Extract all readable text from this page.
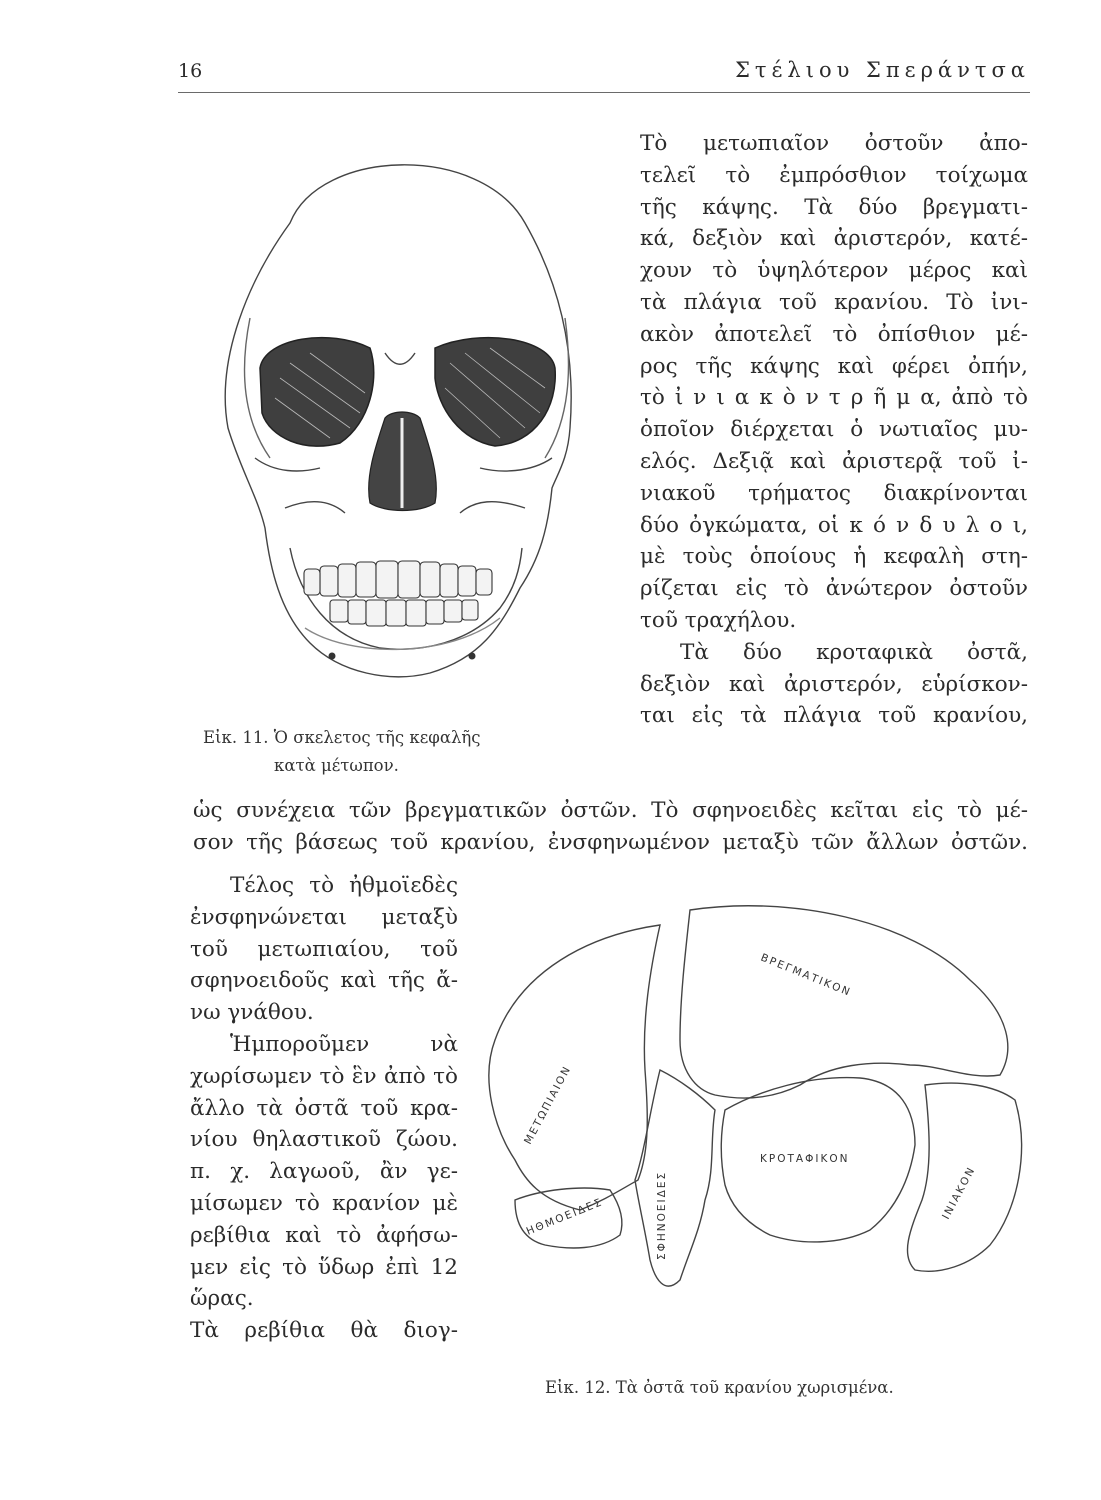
16	Στέλιου Σπεράντσα
Τὸ μετωπιαῖον ὀστοῦν ἀπο-
τελεῖ τὸ ἐμπρόσθιον τοίχωμα
τῆς κάψης. Τὰ δύο βρεγματι-
κά, δεξιὸν καὶ ἀριστερόν, κατέ-
χουν τὸ ὑψηλότερον μέρος καὶ
τὰ πλάγια τοῦ κρανίου. Τὸ ἰνι-
ακὸν ἀποτελεῖ τὸ ὀπίσθιον μέ-
ρος τῆς κάψης καὶ φέρει ὀπήν,
τὸ ἰ ν ι α κ ὸ ν τ ρ ῆ μ α, ἀπὸ τὸ
ὁποῖον διέρχεται ὁ νωτιαῖος μυ-
ελός. Δεξιᾷ καὶ ἀριστερᾷ τοῦ ἰ-
νιακοῦ τρήματος διακρίνονται
δύο ὀγκώματα, οἱ κ ό ν δ υ λ ο ι,
μὲ τοὺς ὁποίους ἡ κεφαλὴ στη-
ρίζεται εἰς τὸ ἀνώτερον ὀστοῦν
τοῦ τραχήλου.
Τὰ δύο κροταφικὰ ὀστᾶ,
δεξιὸν καὶ ἀριστερόν, εὑρίσκον-
ται εἰς τὰ πλάγια τοῦ κρανίου,
Εἰκ. 11. Ὁ σκελετος τῆς κεφαλῆς
κατὰ μέτωπον.
ὡς συνέχεια τῶν βρεγματικῶν ὀστῶν. Τὸ σφηνοειδὲς κεῖται εἰς τὸ μέ-
σον τῆς βάσεως τοῦ κρανίου, ἐνσφηνωμένον μεταξὺ τῶν ἄλλων ὀστῶν.
Τέλος τὸ ἠθμοϊεδὲς
ἐνσφηνώνεται μεταξὺ
τοῦ μετωπιαίου, τοῦ
σφηνοειδοῦς καὶ τῆς ἄ-
νω γνάθου.
Ἡμποροῦμεν νὰ
χωρίσωμεν τὸ ἓν ἀπὸ τὸ
ἄλλο τὰ ὀστᾶ τοῦ κρα-
νίου θηλαστικοῦ ζώου.
π. χ. λαγωοῦ, ἂν γε-
μίσωμεν τὸ κρανίον μὲ
ρεβίθια καὶ τὸ ἀφήσω-
μεν εἰς τὸ ὕδωρ ἐπὶ 12
ὥρας.
Τὰ ρεβίθια θὰ διογ-
ΒΡΕΓΜΑΤΙΚΟΝ
ΜΕΤΩΠΙΑΙΟΝ
ΣΦΗΝΟΕΙΔΕΣ
ΚΡΟΤΑΦΙΚΟΝ
ΙΝΙΑΚΟΝ
ΗΘΜΟΕΙΔΕΣ
Εἰκ. 12. Τὰ ὀστᾶ τοῦ κρανίου χωρισμένα.
